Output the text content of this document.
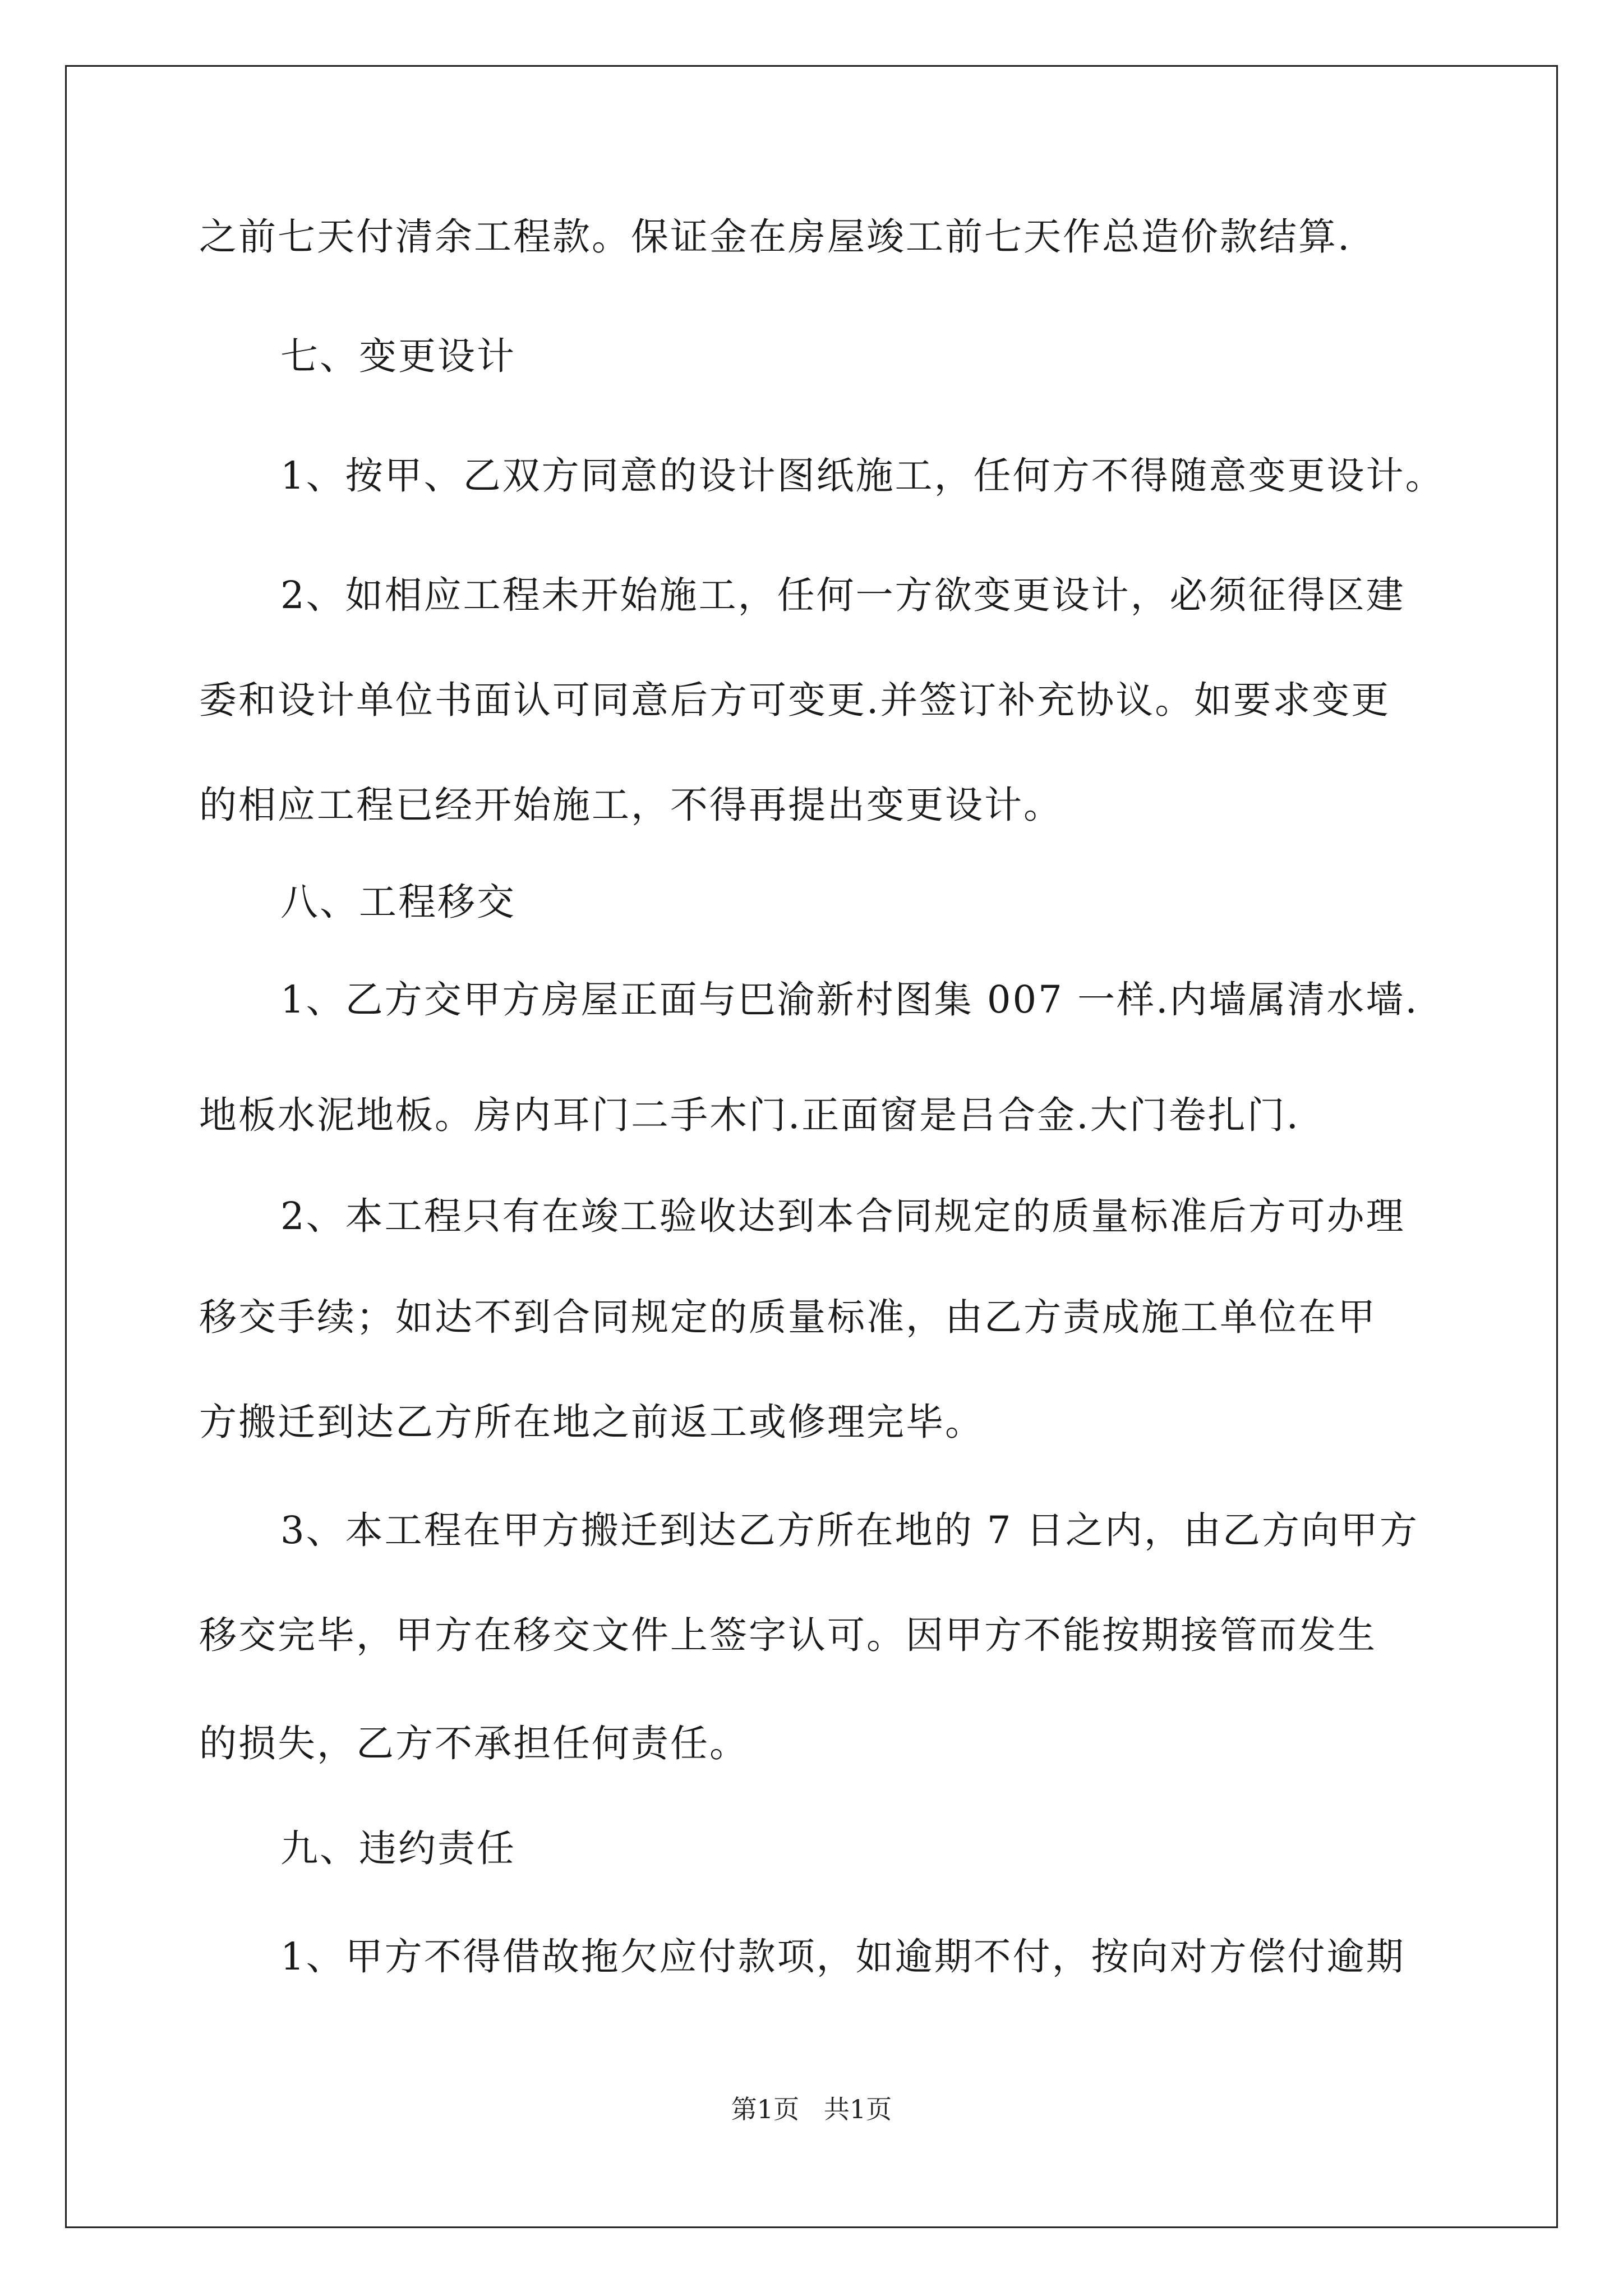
之前七天付清余工程款。保证金在房屋竣工前七天作总造价款结算.
七、变更设计
1、按甲、乙双方同意的设计图纸施工，任何方不得随意变更设计。
2、如相应工程未开始施工，任何一方欲变更设计，必须征得区建
委和设计单位书面认可同意后方可变更.并签订补充协议。如要求变更
的相应工程已经开始施工，不得再提出变更设计。
八、工程移交
1、乙方交甲方房屋正面与巴渝新村图集 007 一样.内墙属清水墙.
地板水泥地板。房内耳门二手木门.正面窗是吕合金.大门卷扎门.
2、本工程只有在竣工验收达到本合同规定的质量标准后方可办理
移交手续；如达不到合同规定的质量标准，由乙方责成施工单位在甲
方搬迁到达乙方所在地之前返工或修理完毕。
3、本工程在甲方搬迁到达乙方所在地的 7 日之内，由乙方向甲方
移交完毕，甲方在移交文件上签字认可。因甲方不能按期接管而发生
的损失，乙方不承担任何责任。
九、违约责任
1、甲方不得借故拖欠应付款项，如逾期不付，按向对方偿付逾期
第1页   共1页
